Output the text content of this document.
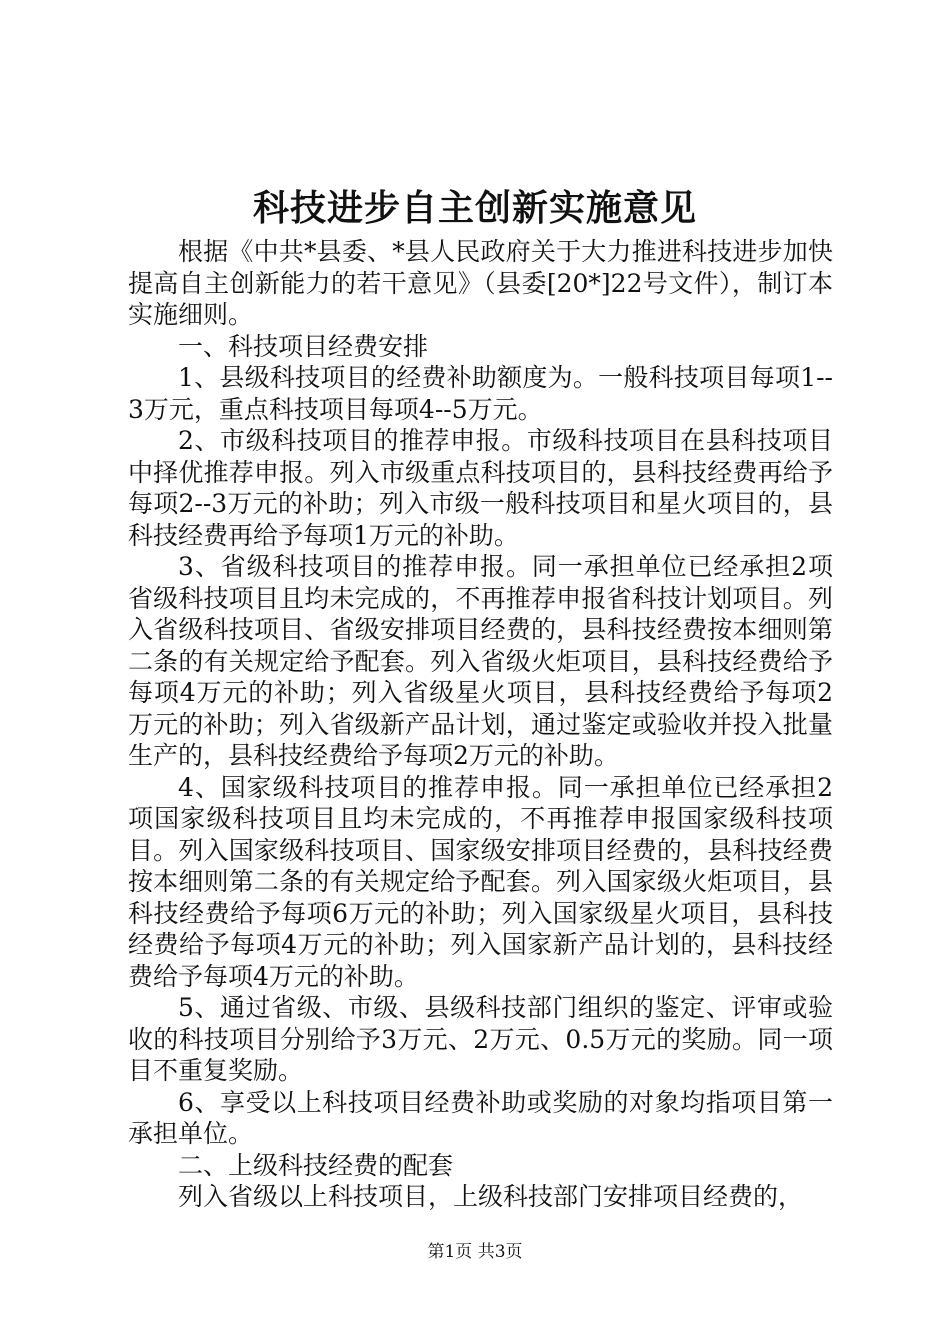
科技进步自主创新实施意见

根据《中共*县委、*县人民政府关于大力推进科技进步加快提高自主创新能力的若干意见》（县委[20*]22号文件），制订本实施细则。

一、科技项目经费安排

1、县级科技项目的经费补助额度为。一般科技项目每项1--3万元，重点科技项目每项4--5万元。

2、市级科技项目的推荐申报。市级科技项目在县科技项目中择优推荐申报。列入市级重点科技项目的，县科技经费再给予每项2--3万元的补助；列入市级一般科技项目和星火项目的，县科技经费再给予每项1万元的补助。

3、省级科技项目的推荐申报。同一承担单位已经承担2项省级科技项目且均未完成的，不再推荐申报省科技计划项目。列入省级科技项目、省级安排项目经费的，县科技经费按本细则第二条的有关规定给予配套。列入省级火炬项目，县科技经费给予每项4万元的补助；列入省级星火项目，县科技经费给予每项2万元的补助；列入省级新产品计划，通过鉴定或验收并投入批量生产的，县科技经费给予每项2万元的补助。

4、国家级科技项目的推荐申报。同一承担单位已经承担2项国家级科技项目且均未完成的，不再推荐申报国家级科技项目。列入国家级科技项目、国家级安排项目经费的，县科技经费按本细则第二条的有关规定给予配套。列入国家级火炬项目，县科技经费给予每项6万元的补助；列入国家级星火项目，县科技经费给予每项4万元的补助；列入国家新产品计划的，县科技经费给予每项4万元的补助。

5、通过省级、市级、县级科技部门组织的鉴定、评审或验收的科技项目分别给予3万元、2万元、0.5万元的奖励。同一项目不重复奖励。

6、享受以上科技项目经费补助或奖励的对象均指项目第一承担单位。

二、上级科技经费的配套

列入省级以上科技项目，上级科技部门安排项目经费的，

第1页 共3页
